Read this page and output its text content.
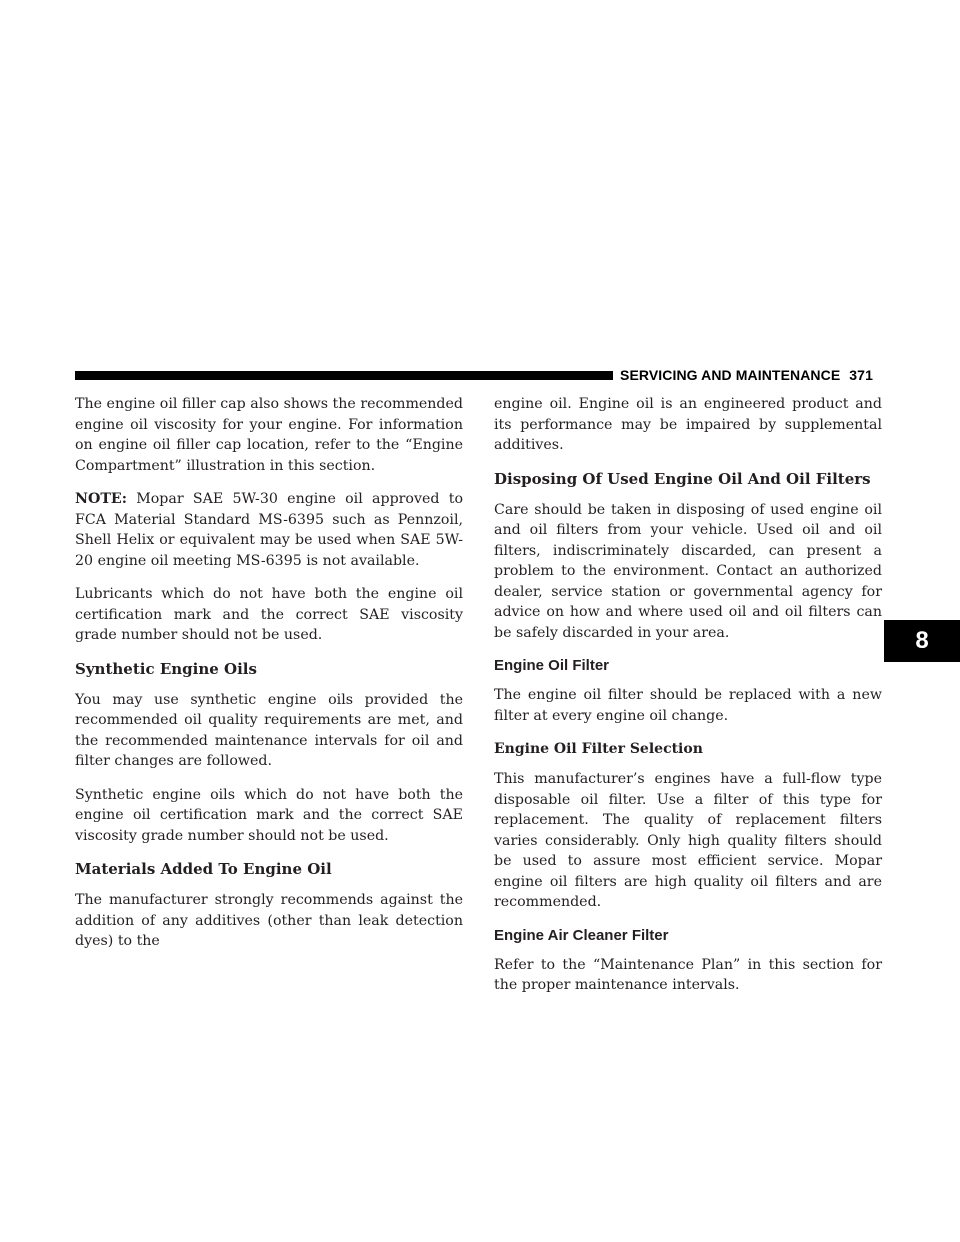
SERVICING AND MAINTENANCE 371

The engine oil filler cap also shows the recommended engine oil viscosity for your engine. For information on engine oil filler cap location, refer to the “Engine Compartment” illustration in this section.

NOTE: Mopar SAE 5W-30 engine oil approved to FCA Material Standard MS-6395 such as Pennzoil, Shell Helix or equivalent may be used when SAE 5W-20 engine oil meeting MS-6395 is not available.

Lubricants which do not have both the engine oil certification mark and the correct SAE viscosity grade number should not be used.

Synthetic Engine Oils

You may use synthetic engine oils provided the recommended oil quality requirements are met, and the recommended maintenance intervals for oil and filter changes are followed.

Synthetic engine oils which do not have both the engine oil certification mark and the correct SAE viscosity grade number should not be used.

Materials Added To Engine Oil

The manufacturer strongly recommends against the addition of any additives (other than leak detection dyes) to the

engine oil. Engine oil is an engineered product and its performance may be impaired by supplemental additives.

Disposing Of Used Engine Oil And Oil Filters

Care should be taken in disposing of used engine oil and oil filters from your vehicle. Used oil and oil filters, indiscriminately discarded, can present a problem to the environment. Contact an authorized dealer, service station or governmental agency for advice on how and where used oil and oil filters can be safely discarded in your area.

Engine Oil Filter

The engine oil filter should be replaced with a new filter at every engine oil change.

Engine Oil Filter Selection

This manufacturer’s engines have a full-flow type disposable oil filter. Use a filter of this type for replacement. The quality of replacement filters varies considerably. Only high quality filters should be used to assure most efficient service. Mopar engine oil filters are high quality oil filters and are recommended.

Engine Air Cleaner Filter

Refer to the “Maintenance Plan” in this section for the proper maintenance intervals.

8
